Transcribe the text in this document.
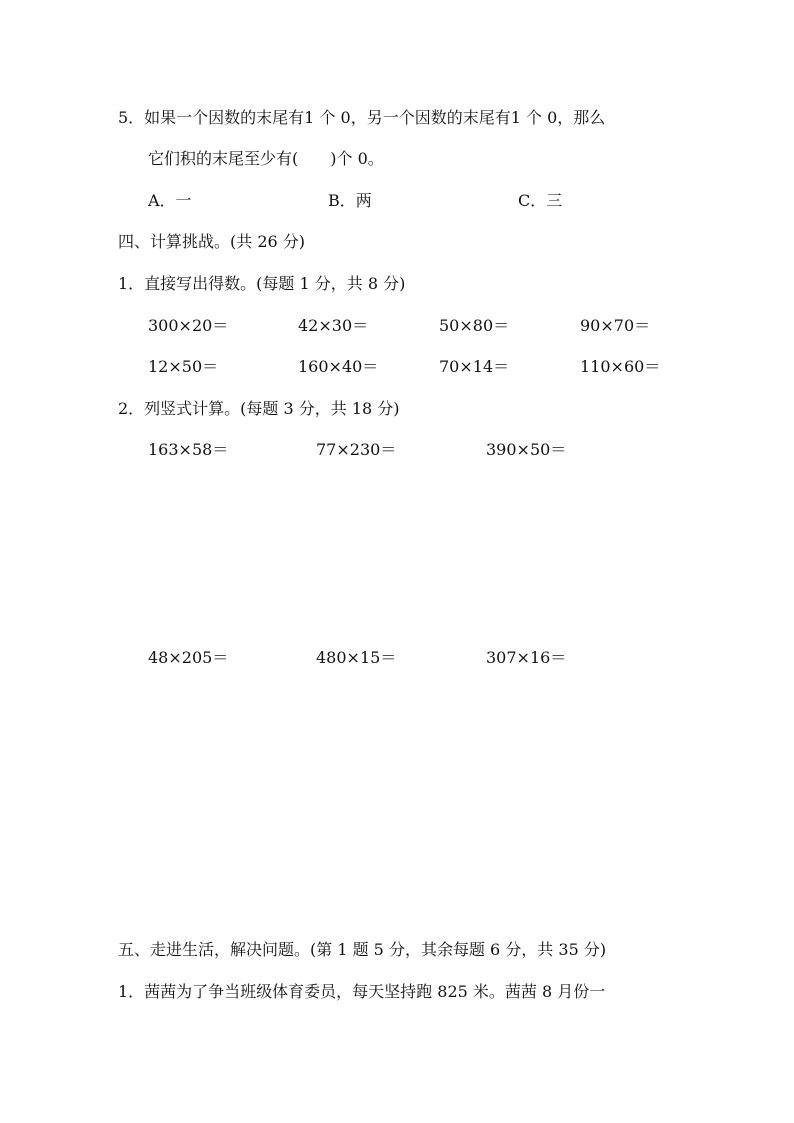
5．如果一个因数的末尾有1 个 0，另一个因数的末尾有1 个 0，那么
它们积的末尾至少有(　　)个 0。
A．一	B．两	C．三
四、计算挑战。(共 26 分)
1．直接写出得数。(每题 1 分，共 8 分)
300×20＝	42×30＝	50×80＝	90×70＝
12×50＝	160×40＝	70×14＝	110×60＝
2．列竖式计算。(每题 3 分，共 18 分)
163×58＝	77×230＝	390×50＝
48×205＝	480×15＝	307×16＝
五、走进生活，解决问题。(第 1 题 5 分，其余每题 6 分，共 35 分)
1．茜茜为了争当班级体育委员，每天坚持跑 825 米。茜茜 8 月份一
